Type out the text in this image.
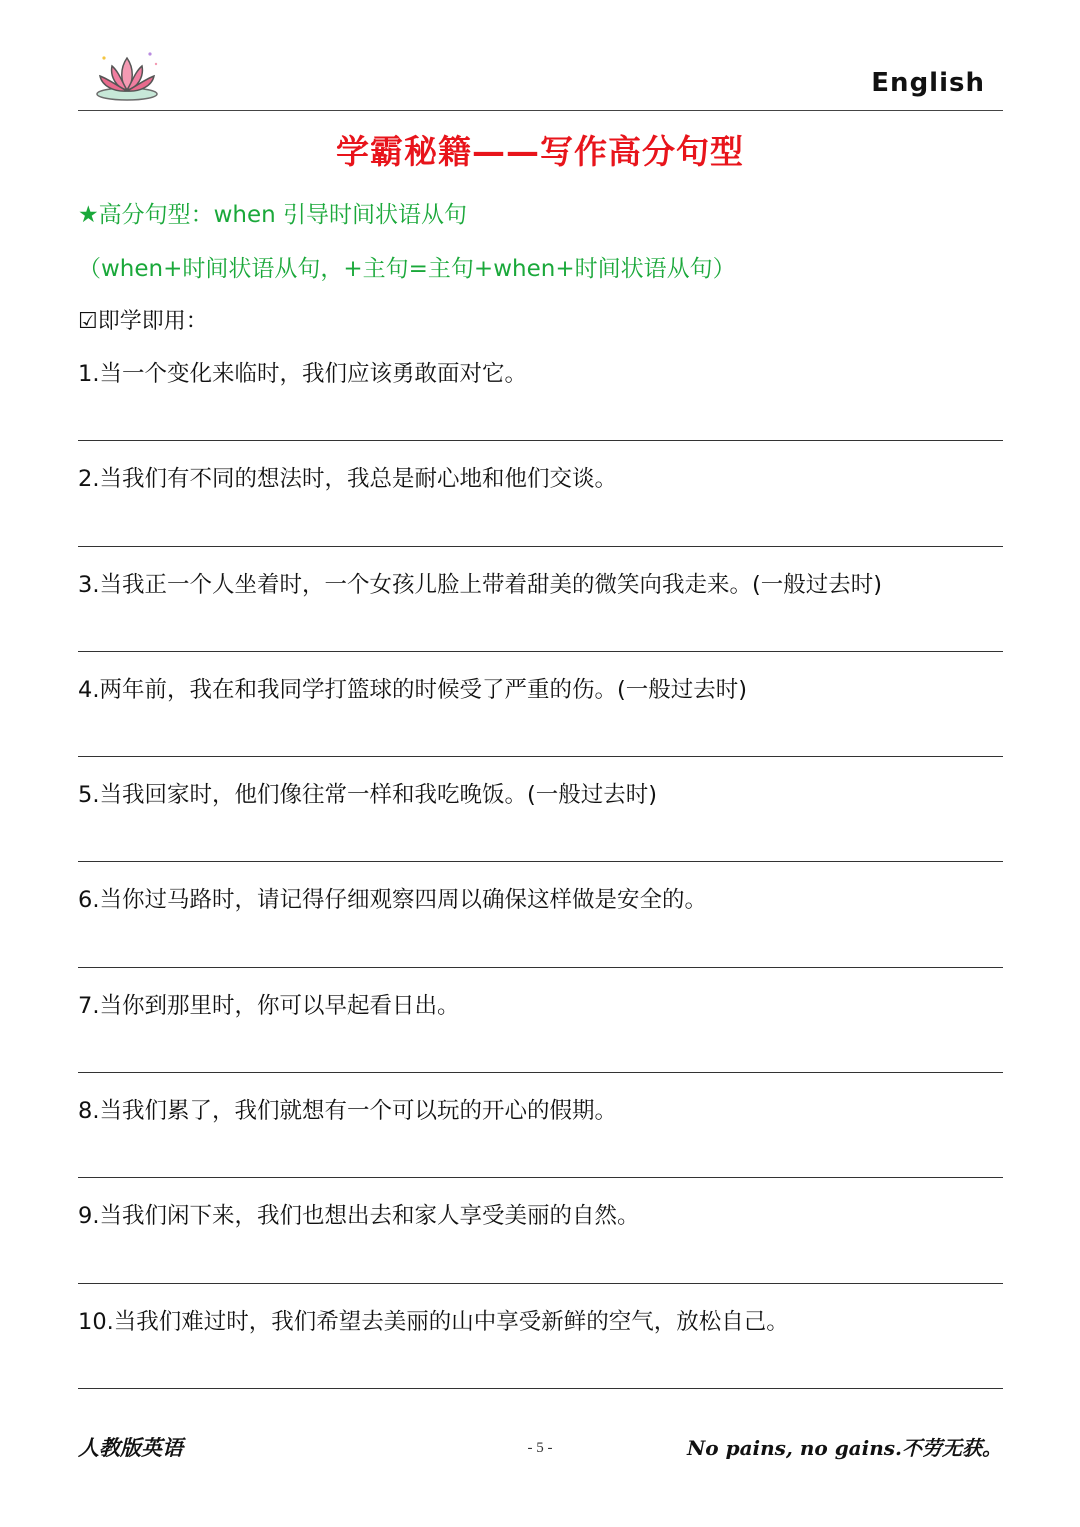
English
学霸秘籍——写作高分句型
★高分句型：when 引导时间状语从句
（when+时间状语从句，+主句=主句+when+时间状语从句）
☑即学即用：
1.当一个变化来临时，我们应该勇敢面对它。
2.当我们有不同的想法时，我总是耐心地和他们交谈。
3.当我正一个人坐着时，一个女孩儿脸上带着甜美的微笑向我走来。(一般过去时)
4.两年前，我在和我同学打篮球的时候受了严重的伤。(一般过去时)
5.当我回家时，他们像往常一样和我吃晚饭。(一般过去时)
6.当你过马路时，请记得仔细观察四周以确保这样做是安全的。
7.当你到那里时，你可以早起看日出。
8.当我们累了，我们就想有一个可以玩的开心的假期。
9.当我们闲下来，我们也想出去和家人享受美丽的自然。
10.当我们难过时，我们希望去美丽的山中享受新鲜的空气，放松自己。
人教版英语	- 5 -	No pains, no gains.不劳无获。
